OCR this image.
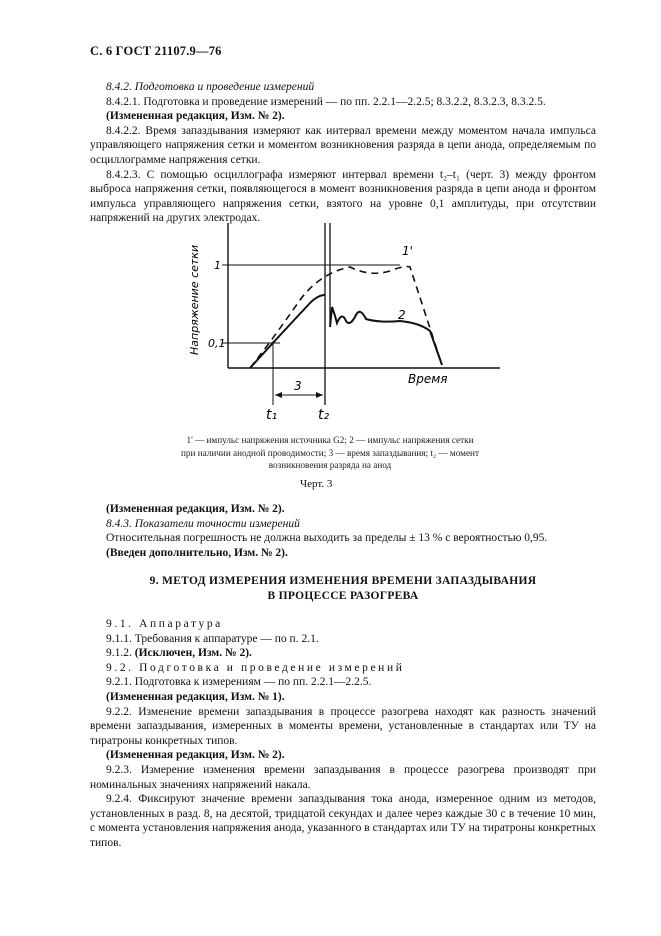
С. 6 ГОСТ 21107.9—76

8.4.2. Подготовка и проведение измерений

8.4.2.1. Подготовка и проведение измерений — по пп. 2.2.1—2.2.5; 8.3.2.2, 8.3.2.3, 8.3.2.5.

(Измененная редакция, Изм. № 2).

8.4.2.2. Время запаздывания измеряют как интервал времени между моментом начала импульса управляющего напряжения сетки и моментом возникновения разряда в цепи анода, определяемым по осциллограмме напряжения сетки.

8.4.2.3. С помощью осциллографа измеряют интервал времени t₂–t₁ (черт. 3) между фронтом выброса напряжения сетки, появляющегося в момент возникновения разряда в цепи анода и фронтом импульса управляющего напряжения сетки, взятого на уровне 0,1 амплитуды, при отсутствии напряжений на других электродах.

Напряжение сетки 1
0,1
Время
1'
2
3
t₁	t₂
1' — импульс напряжения источника G2; 2 — импульс напряжения сетки
при наличии анодной проводимости; 3 — время запаздывания; t₂ — момент
возникновения разряда на анод
Черт. 3

(Измененная редакция, Изм. № 2).

8.4.3. Показатели точности измерений

Относительная погрешность не должна выходить за пределы ± 13 % с вероятностью 0,95.

(Введен дополнительно, Изм. № 2).

9. МЕТОД ИЗМЕРЕНИЯ ИЗМЕНЕНИЯ ВРЕМЕНИ ЗАПАЗДЫВАНИЯ
В ПРОЦЕССЕ РАЗОГРЕВА

9.1. Аппаратура

9.1.1. Требования к аппаратуре — по п. 2.1.

9.1.2. (Исключен, Изм. № 2).

9.2. Подготовка и проведение измерений

9.2.1. Подготовка к измерениям — по пп. 2.2.1—2.2.5.

(Измененная редакция, Изм. № 1).

9.2.2. Изменение времени запаздывания в процессе разогрева находят как разность значений времени запаздывания, измеренных в моменты времени, установленные в стандартах или ТУ на тиратроны конкретных типов.

(Измененная редакция, Изм. № 2).

9.2.3. Измерение изменения времени запаздывания в процессе разогрева производят при номинальных значениях напряжений накала.

9.2.4. Фиксируют значение времени запаздывания тока анода, измеренное одним из методов, установленных в разд. 8, на десятой, тридцатой секундах и далее через каждые 30 с в течение 10 мин, с момента установления напряжения анода, указанного в стандартах или ТУ на тиратроны конкретных типов.
